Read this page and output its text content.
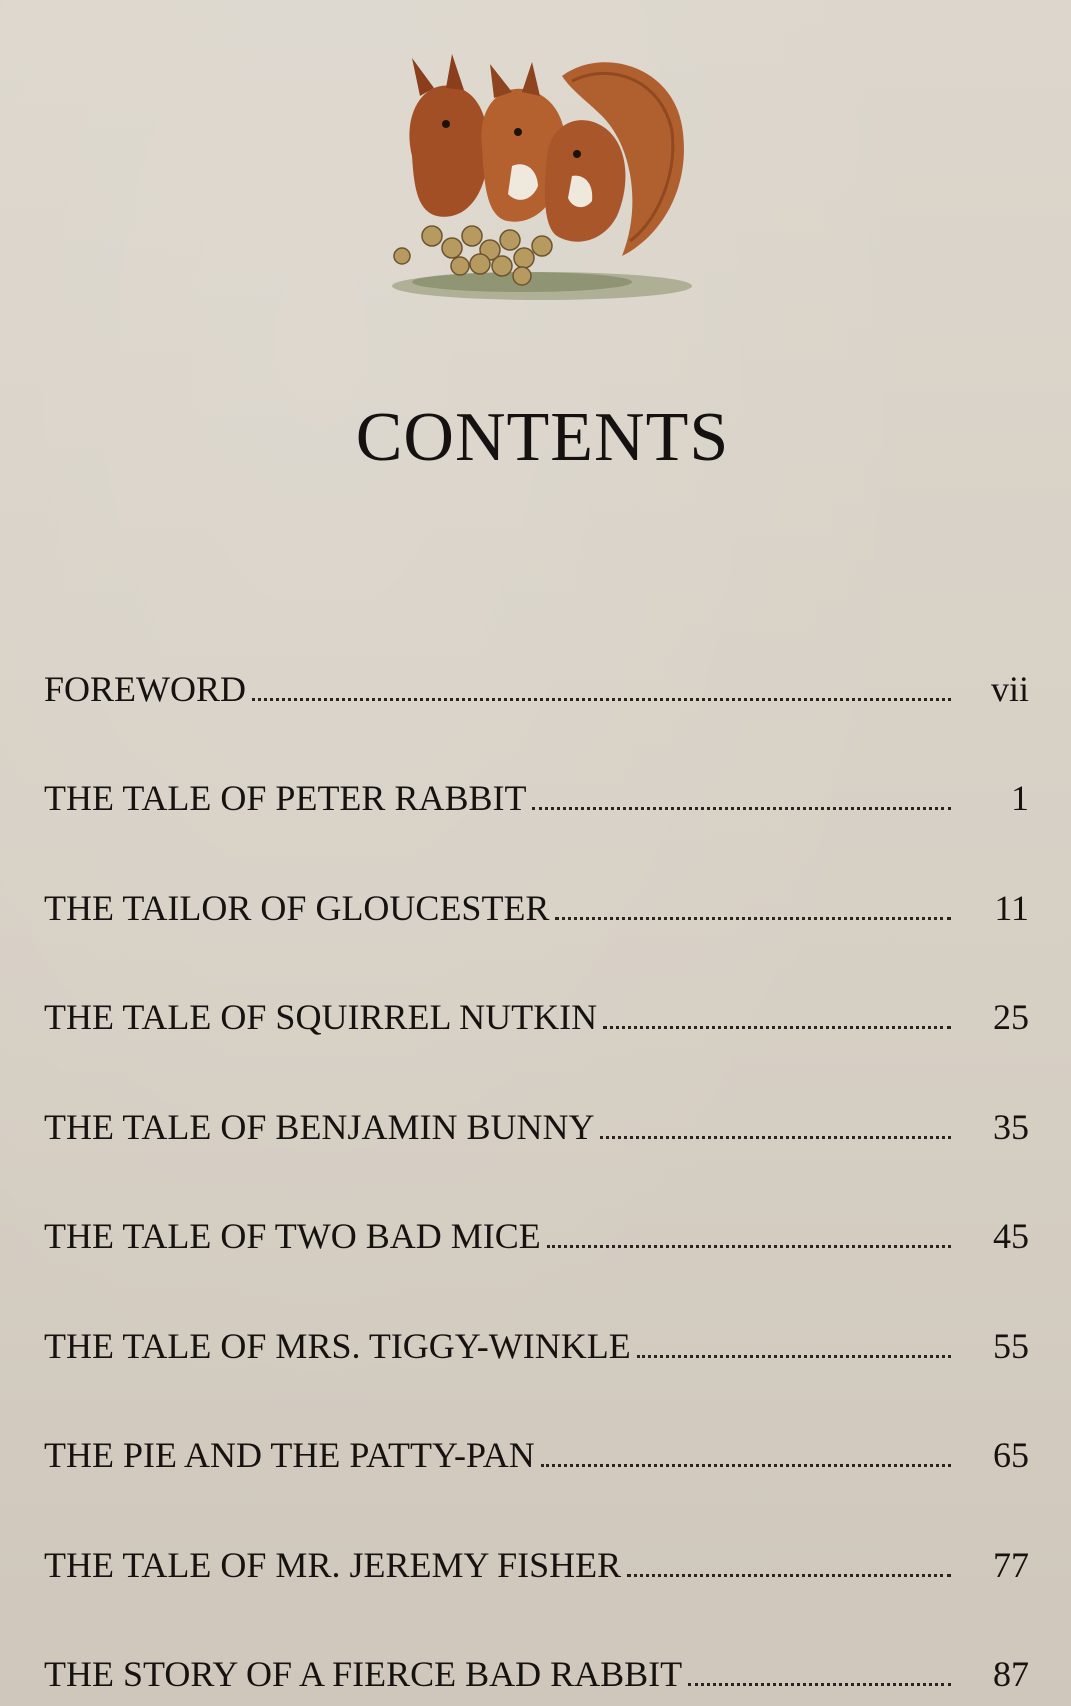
CONTENTS
FOREWORD	vii
THE TALE OF PETER RABBIT	1
THE TAILOR OF GLOUCESTER	11
THE TALE OF SQUIRREL NUTKIN	25
THE TALE OF BENJAMIN BUNNY	35
THE TALE OF TWO BAD MICE	45
THE TALE OF MRS. TIGGY-WINKLE	55
THE PIE AND THE PATTY-PAN	65
THE TALE OF MR. JEREMY FISHER	77
THE STORY OF A FIERCE BAD RABBIT	87
